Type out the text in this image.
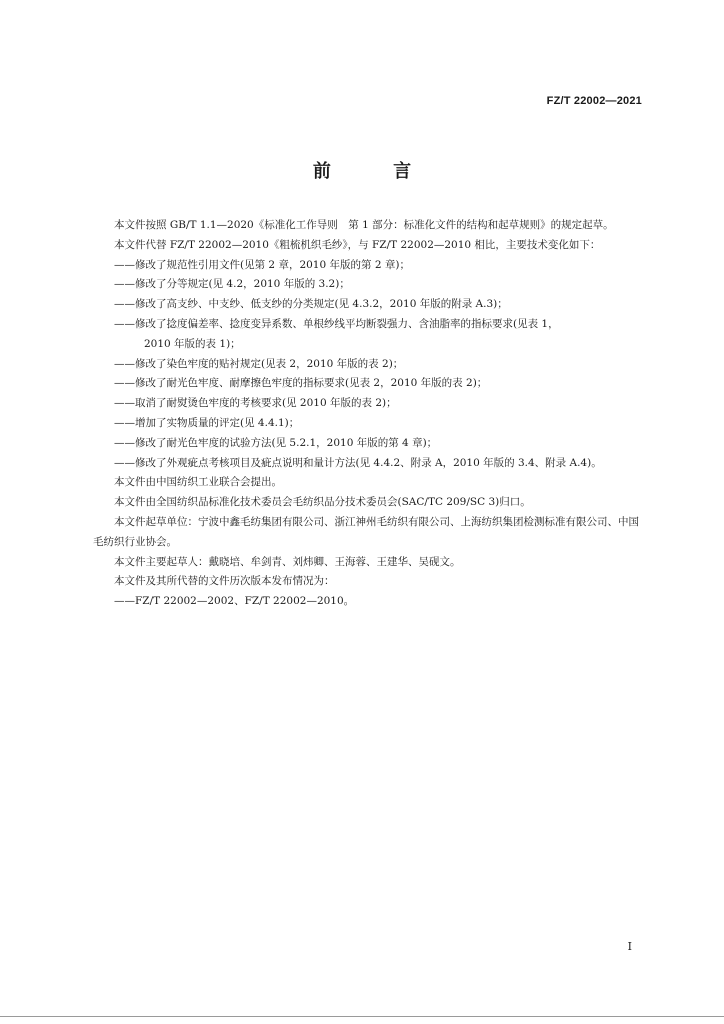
FZ/T 22002—2021
前 言

本文件按照 GB/T 1.1—2020《标准化工作导则　第 1 部分：标准化文件的结构和起草规则》的规定起草。

本文件代替 FZ/T 22002—2010《粗梳机织毛纱》，与 FZ/T 22002—2010 相比，主要技术变化如下：

——修改了规范性引用文件(见第 2 章，2010 年版的第 2 章)；

——修改了分等规定(见 4.2，2010 年版的 3.2)；

——修改了高支纱、中支纱、低支纱的分类规定(见 4.3.2，2010 年版的附录 A.3)；

——修改了捻度偏差率、捻度变异系数、单根纱线平均断裂强力、含油脂率的指标要求(见表 1，

2010 年版的表 1)；

——修改了染色牢度的贴衬规定(见表 2，2010 年版的表 2)；

——修改了耐光色牢度、耐摩擦色牢度的指标要求(见表 2，2010 年版的表 2)；

——取消了耐熨烫色牢度的考核要求(见 2010 年版的表 2)；

——增加了实物质量的评定(见 4.4.1)；

——修改了耐光色牢度的试验方法(见 5.2.1，2010 年版的第 4 章)；

——修改了外观疵点考核项目及疵点说明和量计方法(见 4.4.2、附录 A，2010 年版的 3.4、附录 A.4)。

本文件由中国纺织工业联合会提出。

本文件由全国纺织品标准化技术委员会毛纺织品分技术委员会(SAC/TC 209/SC 3)归口。

本文件起草单位：宁波中鑫毛纺集团有限公司、浙江神州毛纺织有限公司、上海纺织集团检测标准有限公司、中国毛纺织行业协会。

本文件主要起草人：戴晓培、牟剑青、刘炜卿、王海蓉、王建华、吴砚文。

本文件及其所代替的文件历次版本发布情况为：

——FZ/T 22002—2002、FZ/T 22002—2010。

I
